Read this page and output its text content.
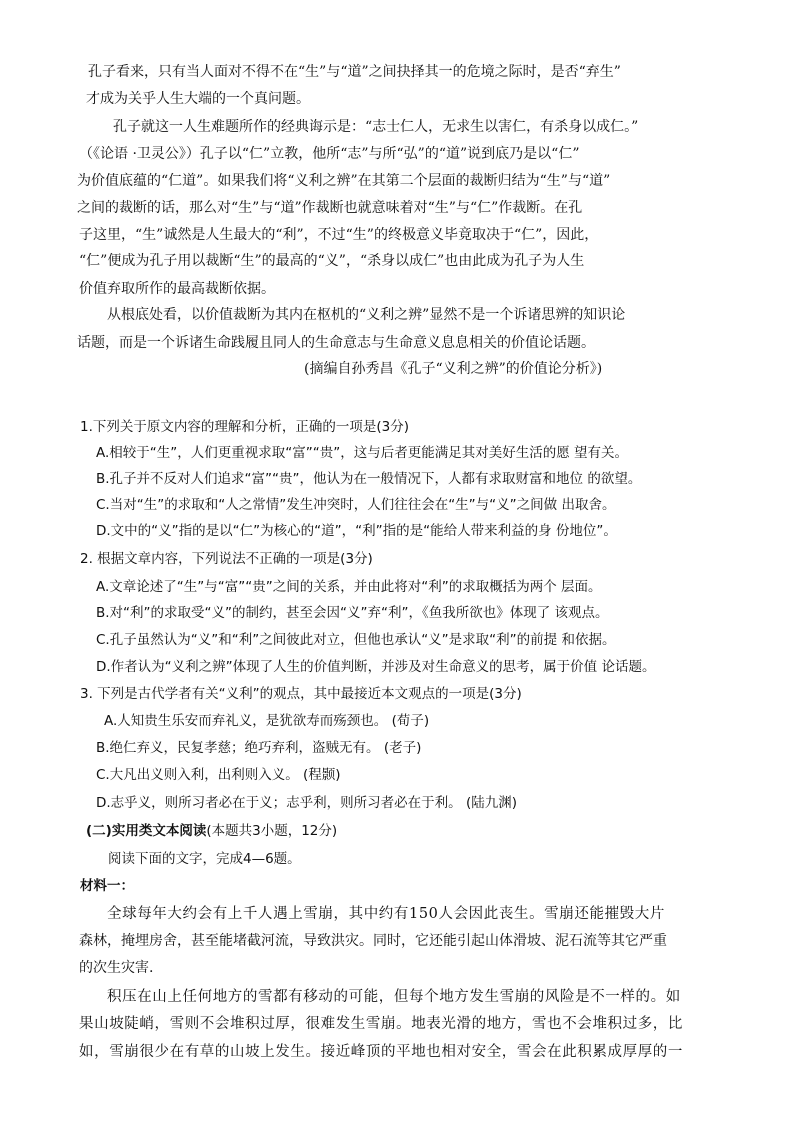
孔子看来，只有当人面对不得不在“生”与“道”之间抉择其一的危境之际时，是否“弃生”
才成为关乎人生大端的一个真问题。
孔子就这一人生难题所作的经典诲示是：“志士仁人，无求生以害仁，有杀身以成仁。”
（《论语 ·卫灵公》）孔子以“仁”立教，他所“志”与所“弘”的“道”说到底乃是以“仁”
为价值底蕴的“仁道”。如果我们将“义利之辨”在其第二个层面的裁断归结为“生”与“道”
之间的裁断的话，那么对“生”与“道”作裁断也就意味着对“生”与“仁”作裁断。在孔
子这里，“生”诚然是人生最大的“利”，不过“生”的终极意义毕竟取决于“仁”，因此，
“仁”便成为孔子用以裁断“生”的最高的“义”，“杀身以成仁”也由此成为孔子为人生
价值弃取所作的最高裁断依据。
从根底处看，以价值裁断为其内在枢机的“义利之辨”显然不是一个诉诸思辨的知识论
话题，而是一个诉诸生命践履且同人的生命意志与生命意义息息相关的价值论话题。
(摘编自孙秀昌《孔子“义利之辨”的价值论分析》)
1.下列关于原文内容的理解和分析，正确的一项是(3分)
A.相较于“生”，人们更重视求取“富”“贵”，这与后者更能满足其对美好生活的愿 望有关。
B.孔子并不反对人们追求“富”“贵”，他认为在一般情况下，人都有求取财富和地位 的欲望。
C.当对“生”的求取和“人之常情”发生冲突时，人们往往会在“生”与“义”之间做 出取舍。
D.文中的“义”指的是以“仁”为核心的“道”，“利”指的是“能给人带来利益的身 份地位”。
2. 根据文章内容，下列说法不正确的一项是(3分)
A.文章论述了“生”与“富”“贵”之间的关系，并由此将对“利”的求取概括为两个 层面。
B.对“利”的求取受“义”的制约，甚至会因“义”弃“利”，《鱼我所欲也》体现了 该观点。
C.孔子虽然认为“义”和“利”之间彼此对立，但他也承认“义”是求取“利”的前提 和依据。
D.作者认为“义利之辨”体现了人生的价值判断，并涉及对生命意义的思考，属于价值 论话题。
3. 下列是古代学者有关“义利”的观点，其中最接近本文观点的一项是(3分)
A.人知贵生乐安而弃礼义，是犹欲寿而殇颈也。 (荀子)
B.绝仁弃义，民复孝慈；绝巧弃利，盗贼无有。 (老子)
C.大凡出义则入利，出利则入义。 (程颢)
D.志乎义，则所习者必在于义；志乎利，则所习者必在于利。 (陆九渊)
(二)实用类文本阅读(本题共3小题，12分)
阅读下面的文字，完成4—6题。
材料一：
全球每年大约会有上千人遇上雪崩，其中约有150人会因此丧生。雪崩还能摧毁大片
森林，掩埋房舍，甚至能堵截河流，导致洪灾。同时，它还能引起山体滑坡、泥石流等其它严重
的次生灾害.
积压在山上任何地方的雪都有移动的可能，但每个地方发生雪崩的风险是不一样的。如
果山坡陡峭，雪则不会堆积过厚，很难发生雪崩。地表光滑的地方，雪也不会堆积过多，比
如，雪崩很少在有草的山坡上发生。接近峰顶的平地也相对安全，雪会在此积累成厚厚的一
